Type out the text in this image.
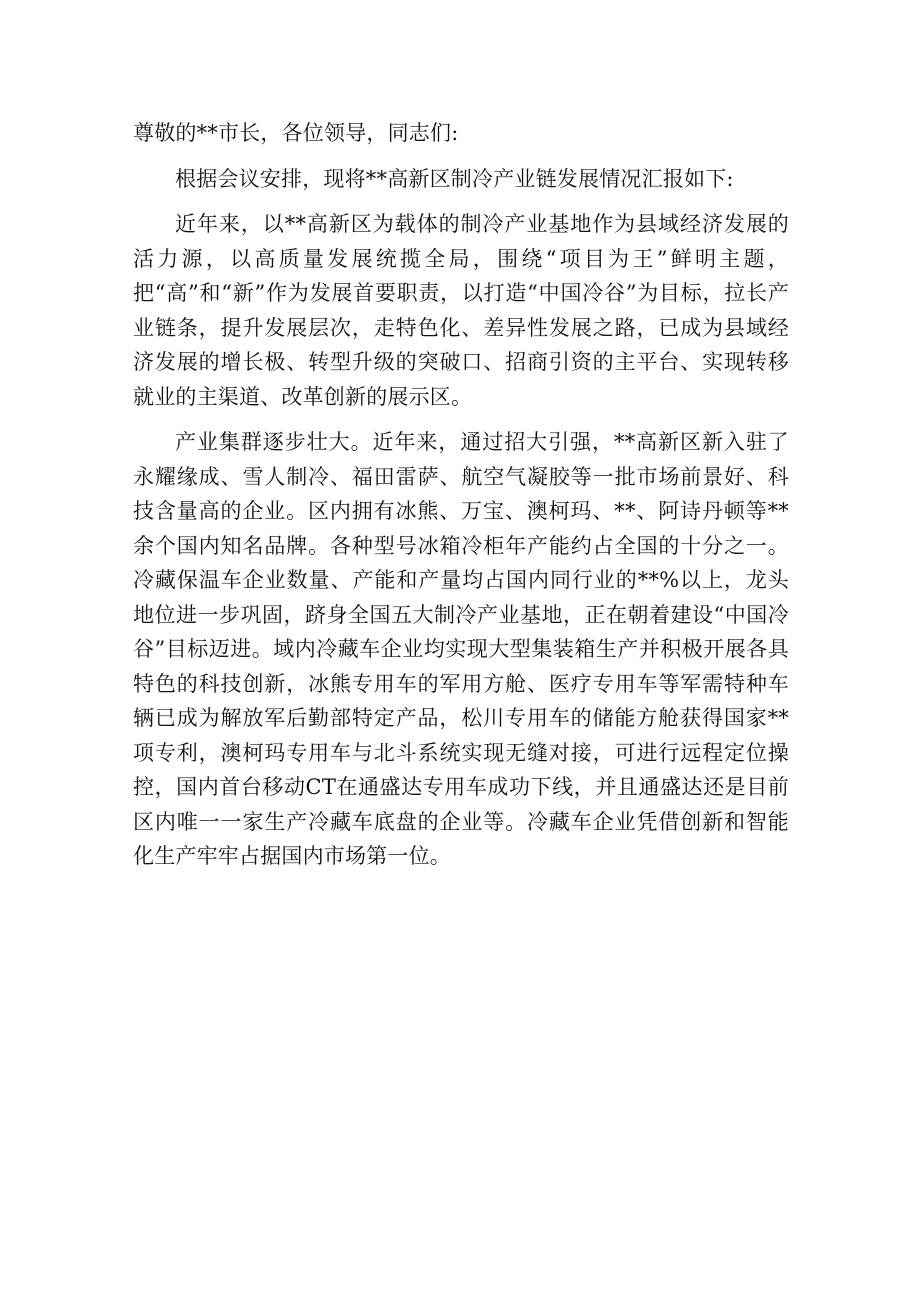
尊敬的**市长，各位领导，同志们:

根据会议安排，现将**高新区制冷产业链发展情况汇报如下:

近年来，以**高新区为载体的制冷产业基地作为县域经济发展的活力源，以高质量发展统揽全局，围绕“项目为王”鲜明主题，把“高”和“新”作为发展首要职责，以打造“中国冷谷”为目标，拉长产业链条，提升发展层次，走特色化、差异性发展之路，已成为县域经济发展的增长极、转型升级的突破口、招商引资的主平台、实现转移就业的主渠道、改革创新的展示区。

产业集群逐步壮大。近年来，通过招大引强，**高新区新入驻了永耀缘成、雪人制冷、福田雷萨、航空气凝胶等一批市场前景好、科技含量高的企业。区内拥有冰熊、万宝、澳柯玛、**、阿诗丹顿等**余个国内知名品牌。各种型号冰箱冷柜年产能约占全国的十分之一。冷藏保温车企业数量、产能和产量均占国内同行业的**%以上，龙头地位进一步巩固，跻身全国五大制冷产业基地，正在朝着建设“中国冷谷”目标迈进。域内冷藏车企业均实现大型集装箱生产并积极开展各具特色的科技创新，冰熊专用车的军用方舱、医疗专用车等军需特种车辆已成为解放军后勤部特定产品，松川专用车的储能方舱获得国家**项专利，澳柯玛专用车与北斗系统实现无缝对接，可进行远程定位操控，国内首台移动CT在通盛达专用车成功下线，并且通盛达还是目前区内唯一一家生产冷藏车底盘的企业等。冷藏车企业凭借创新和智能化生产牢牢占据国内市场第一位。
